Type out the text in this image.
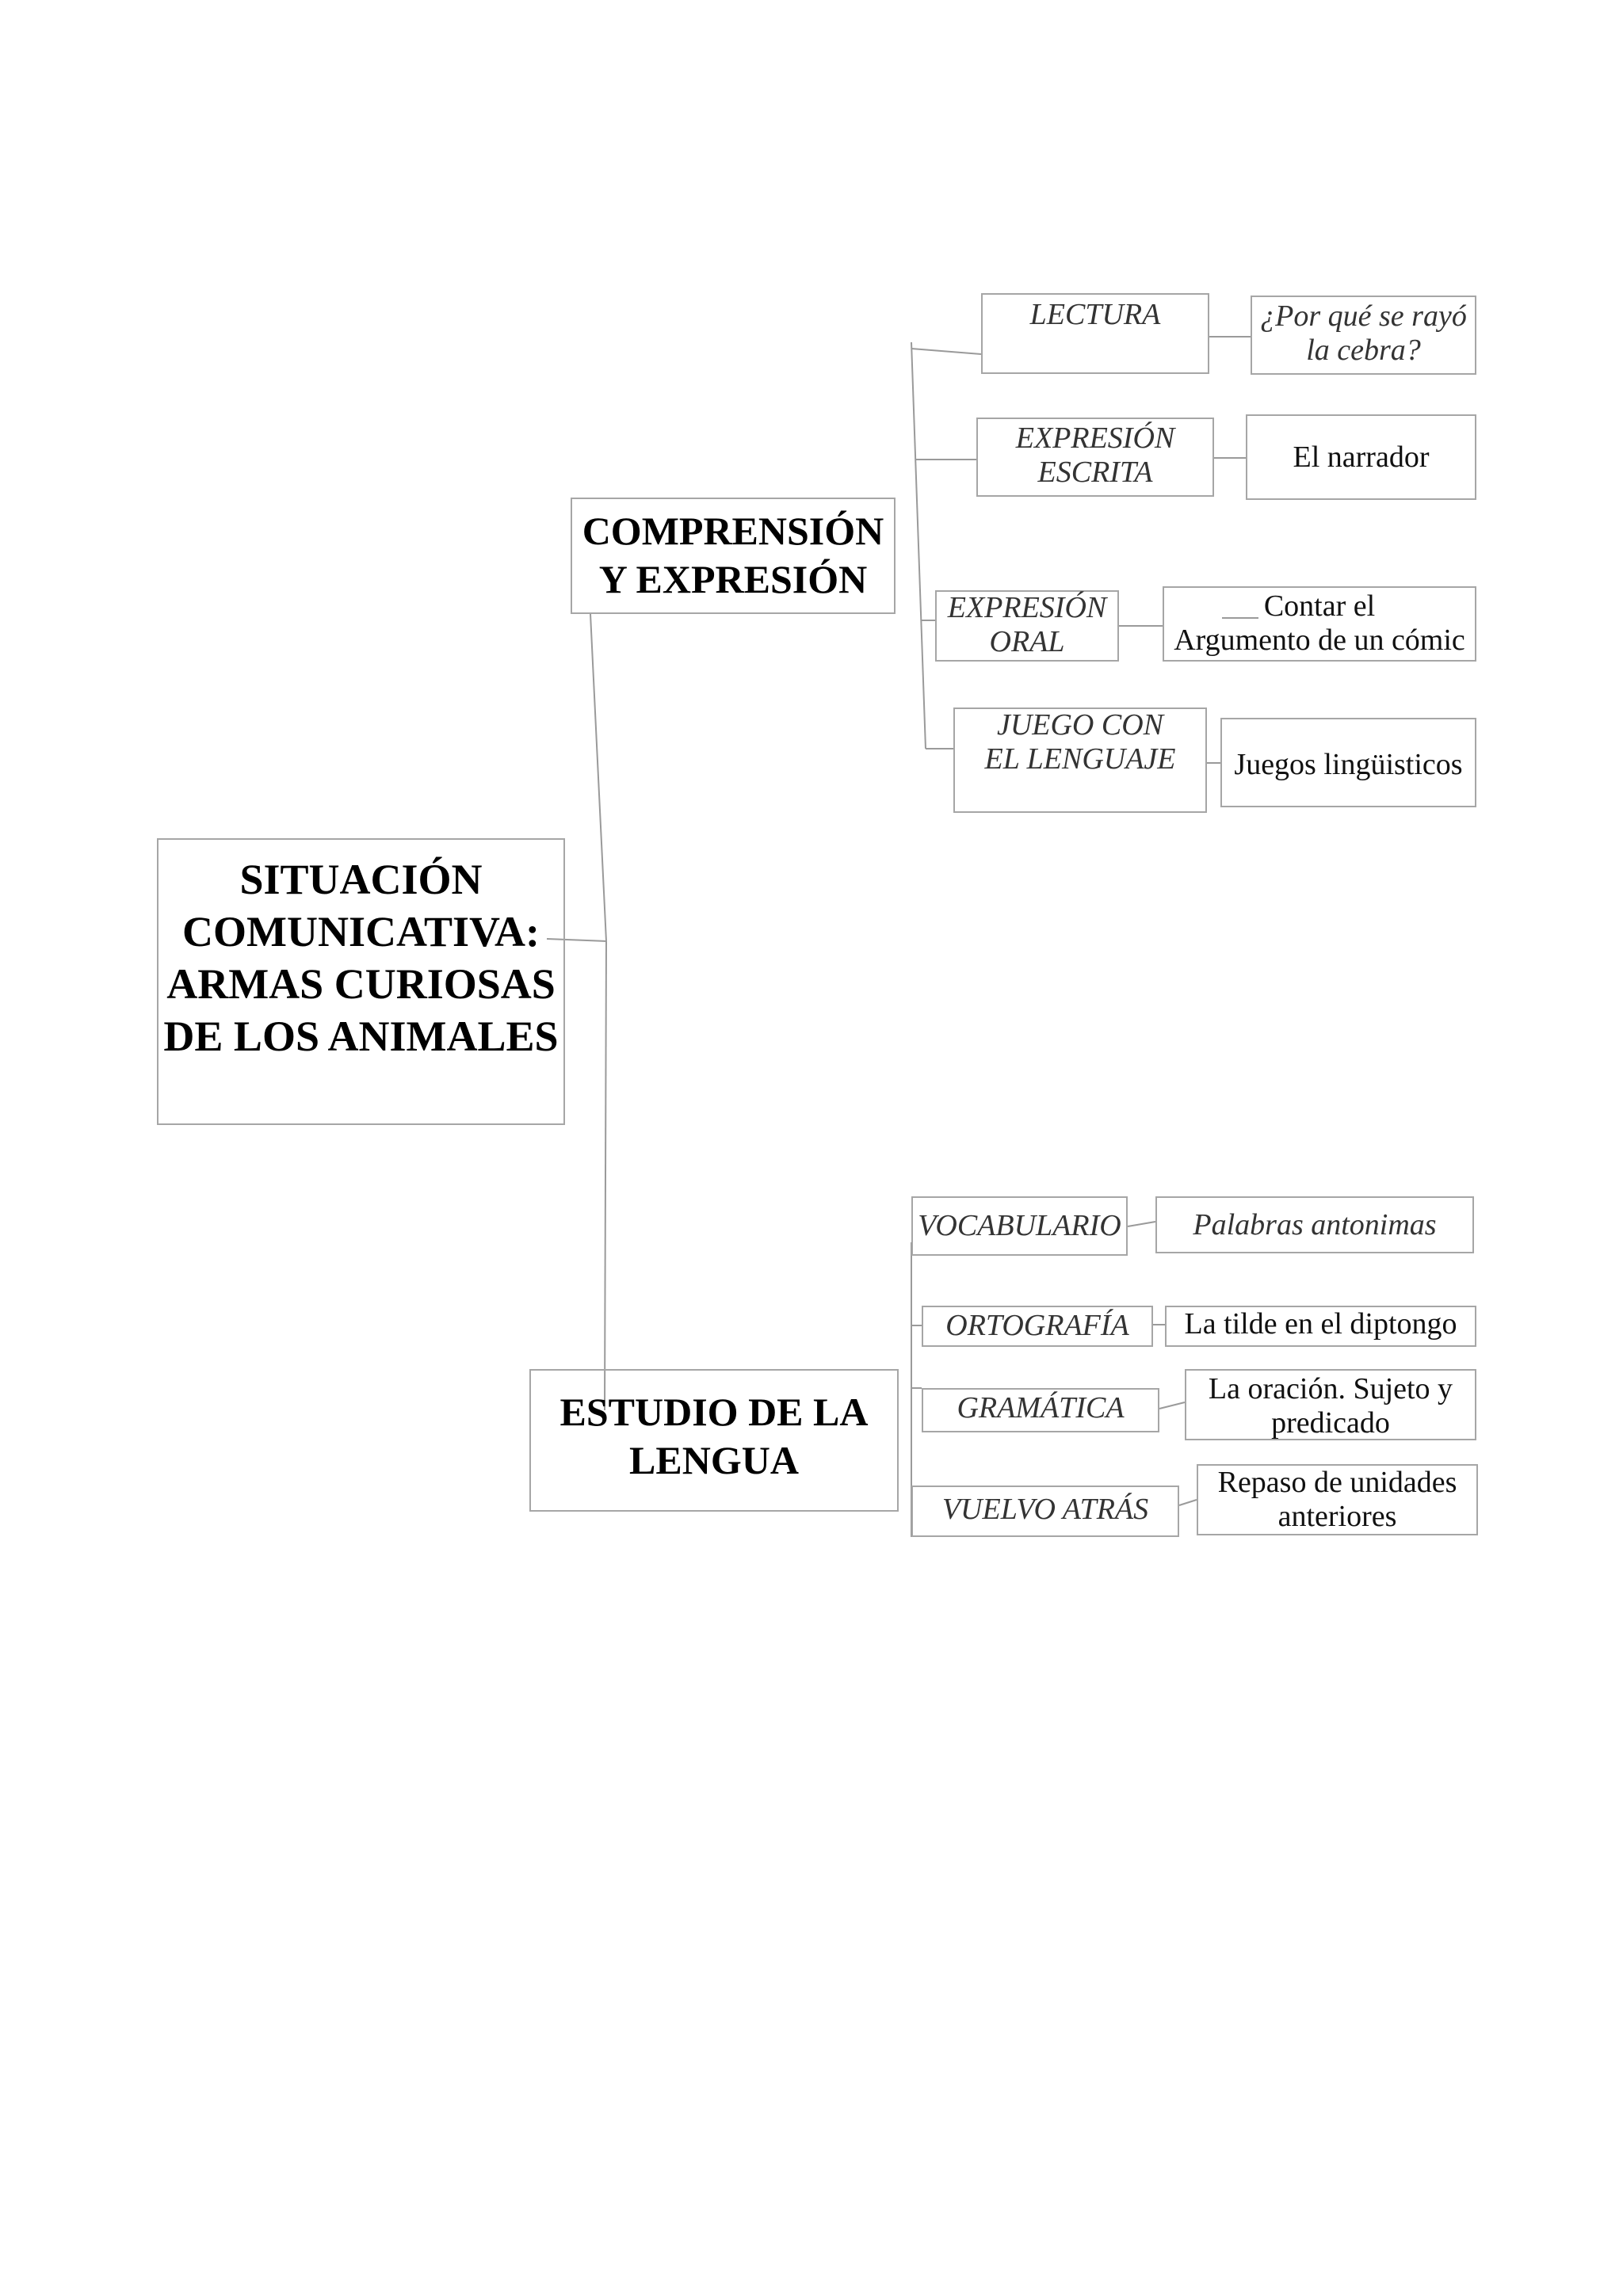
SITUACIÓN
COMUNICATIVA:
ARMAS CURIOSAS
DE LOS ANIMALES
COMPRENSIÓN
Y EXPRESIÓN
ESTUDIO DE LA
LENGUA
LECTURA	¿Por qué se rayó
la cebra?
EXPRESIÓN
ESCRITA	El narrador
EXPRESIÓN
ORAL
Contar el
Argumento de un cómic
JUEGO CON
EL LENGUAJE	Juegos lingüisticos
VOCABULARIO	Palabras antonimas
ORTOGRAFÍA	La tilde en el diptongo
GRAMÁTICA
La oración. Sujeto y
predicado
VUELVO ATRÁS
Repaso de unidades
anteriores
